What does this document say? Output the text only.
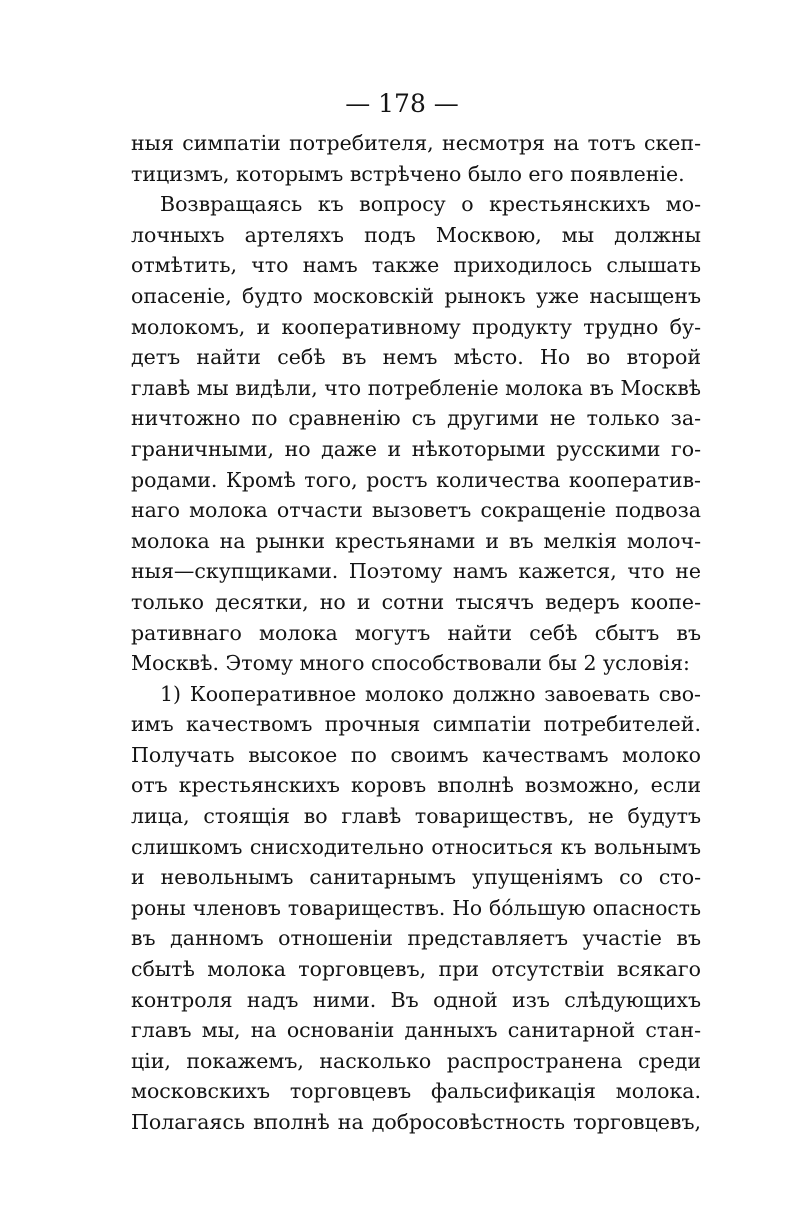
— 178 —
ныя симпатіи потребителя, несмотря на тотъ скеп-
тицизмъ, которымъ встрѣчено было его появленіе.
Возвращаясь къ вопросу о крестьянскихъ мо-
лочныхъ артеляхъ подъ Москвою, мы должны
отмѣтить, что намъ также приходилось слышать
опасеніе, будто московскій рынокъ уже насыщенъ
молокомъ, и кооперативному продукту трудно бу-
детъ найти себѣ въ немъ мѣсто. Но во второй
главѣ мы видѣли, что потребленіе молока въ Москвѣ
ничтожно по сравненію съ другими не только за-
граничными, но даже и нѣкоторыми русскими го-
родами. Кромѣ того, ростъ количества кооператив-
наго молока отчасти вызоветъ сокращеніе подвоза
молока на рынки крестьянами и въ мелкія молоч-
ныя—скупщиками. Поэтому намъ кажется, что не
только десятки, но и сотни тысячъ ведеръ коопе-
ративнаго молока могутъ найти себѣ сбытъ въ
Москвѣ. Этому много способствовали бы 2 условія:
1) Кооперативное молоко должно завоевать сво-
имъ качествомъ прочныя симпатіи потребителей.
Получать высокое по своимъ качествамъ молоко
отъ крестьянскихъ коровъ вполнѣ возможно, если
лица, стоящія во главѣ товариществъ, не будутъ
слишкомъ снисходительно относиться къ вольнымъ
и невольнымъ санитарнымъ упущеніямъ со сто-
роны членовъ товариществъ. Но бо́льшую опасность
въ данномъ отношеніи представляетъ участіе въ
сбытѣ молока торговцевъ, при отсутствіи всякаго
контроля надъ ними. Въ одной изъ слѣдующихъ
главъ мы, на основаніи данныхъ санитарной стан-
ціи, покажемъ, насколько распространена среди
московскихъ торговцевъ фальсификація молока.
Полагаясь вполнѣ на добросовѣстность торговцевъ,
